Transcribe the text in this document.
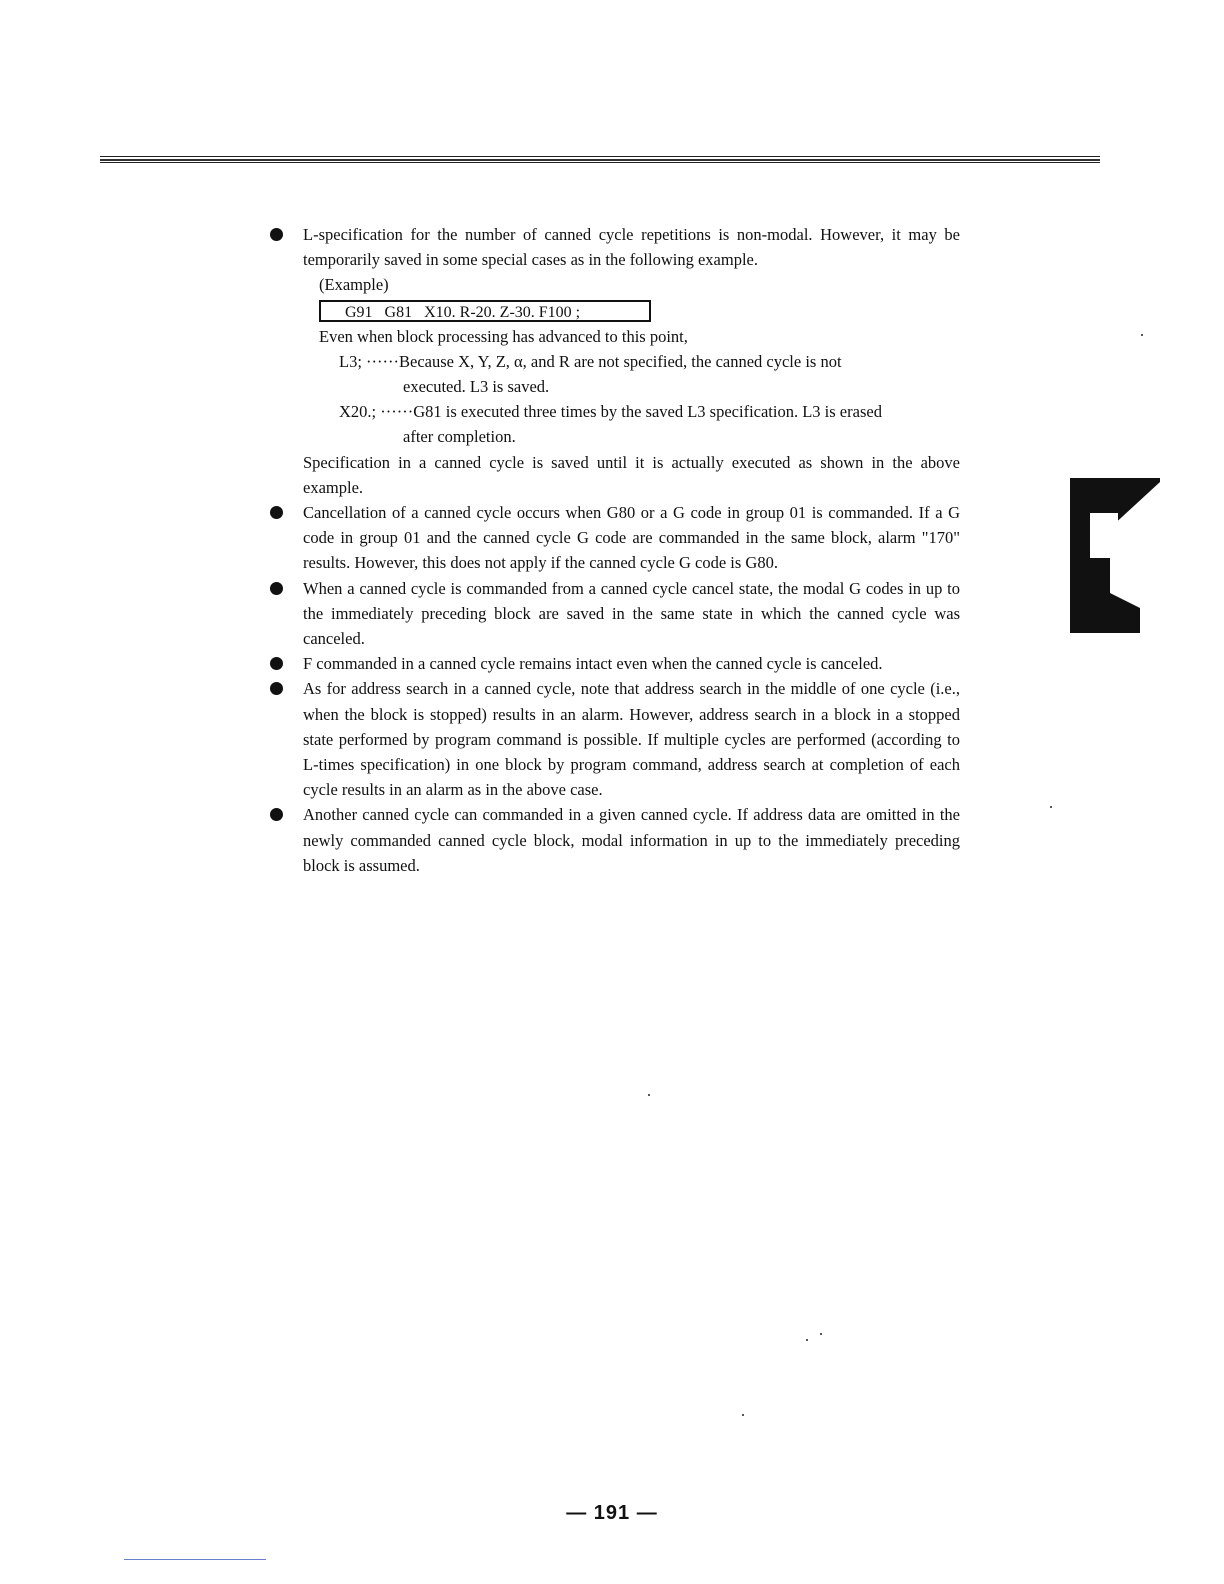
L-specification for the number of canned cycle repetitions is non-modal. However, it may be temporarily saved in some special cases as in the following example.

(Example)
G91   G81   X10. R-20. Z-30. F100 ;
Even when block processing has advanced to this point,
L3; ······Because X, Y, Z, α, and R are not specified, the canned cycle is not
executed. L3 is saved.
X20.; ······G81 is executed three times by the saved L3 specification. L3 is erased
after completion.

Specification in a canned cycle is saved until it is actually executed as shown in the above example.

Cancellation of a canned cycle occurs when G80 or a G code in group 01 is commanded. If a G code in group 01 and the canned cycle G code are commanded in the same block, alarm "170" results. However, this does not apply if the canned cycle G code is G80.

When a canned cycle is commanded from a canned cycle cancel state, the modal G codes in up to the immediately preceding block are saved in the same state in which the canned cycle was canceled.

F commanded in a canned cycle remains intact even when the canned cycle is canceled.

As for address search in a canned cycle, note that address search in the middle of one cycle (i.e., when the block is stopped) results in an alarm. However, address search in a block in a stopped state performed by program command is possible. If multiple cycles are performed (according to L-times specification) in one block by program command, address search at completion of each cycle results in an alarm as in the above case.

Another canned cycle can commanded in a given canned cycle. If address data are omitted in the newly commanded canned cycle block, modal information in up to the immediately preceding block is assumed.

— 191 —
